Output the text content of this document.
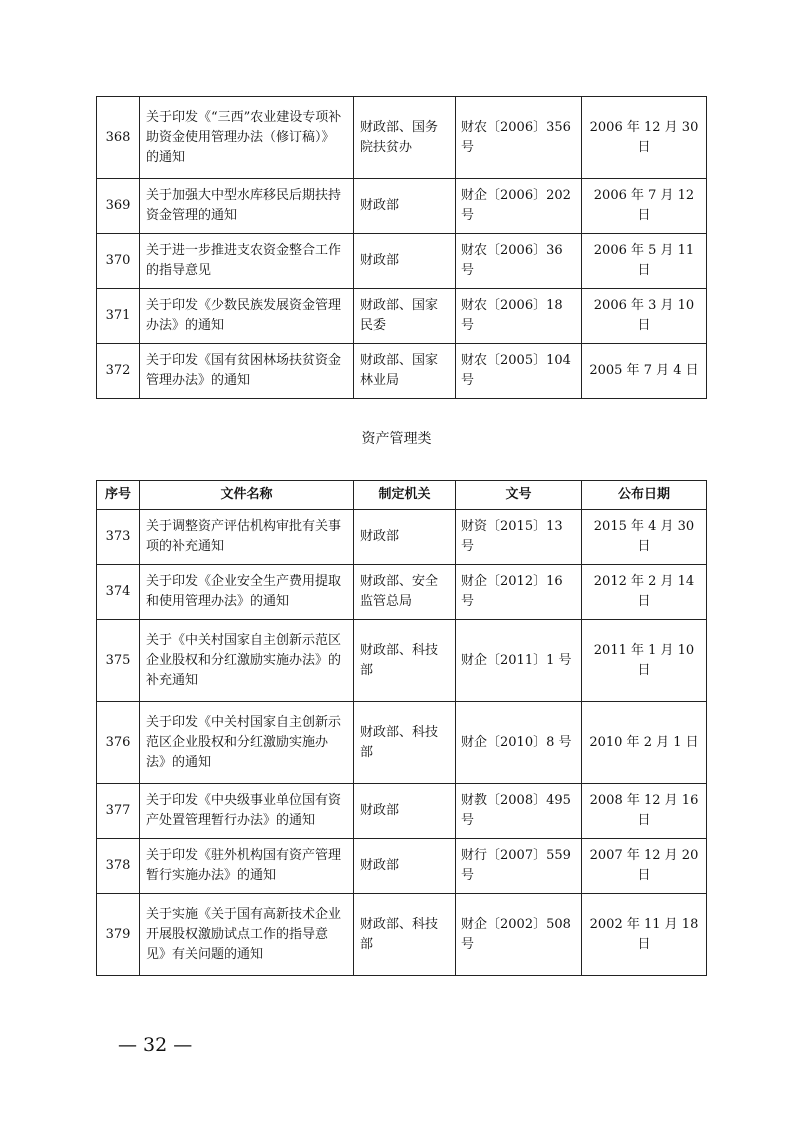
368	关于印发《“三西”农业建设专项补助资金使用管理办法（修订稿）》的通知	财政部、国务院扶贫办	财农〔2006〕356 号	2006 年 12 月 30 日
369	关于加强大中型水库移民后期扶持资金管理的通知	财政部	财企〔2006〕202 号	2006 年 7 月 12 日
370	关于进一步推进支农资金整合工作的指导意见	财政部	财农〔2006〕36 号	2006 年 5 月 11 日
371	关于印发《少数民族发展资金管理办法》的通知	财政部、国家民委	财农〔2006〕18 号	2006 年 3 月 10 日
372	关于印发《国有贫困林场扶贫资金管理办法》的通知	财政部、国家林业局	财农〔2005〕104 号	2005 年 7 月 4 日
资产管理类
序号	文件名称	制定机关	文号	公布日期
373	关于调整资产评估机构审批有关事项的补充通知	财政部	财资〔2015〕13 号	2015 年 4 月 30 日
374	关于印发《企业安全生产费用提取和使用管理办法》的通知	财政部、安全监管总局	财企〔2012〕16 号	2012 年 2 月 14 日
375	关于《中关村国家自主创新示范区企业股权和分红激励实施办法》的补充通知	财政部、科技部	财企〔2011〕1 号	2011 年 1 月 10 日
376	关于印发《中关村国家自主创新示范区企业股权和分红激励实施办法》的通知	财政部、科技部	财企〔2010〕8 号	2010 年 2 月 1 日
377	关于印发《中央级事业单位国有资产处置管理暂行办法》的通知	财政部	财教〔2008〕495 号	2008 年 12 月 16 日
378	关于印发《驻外机构国有资产管理暂行实施办法》的通知	财政部	财行〔2007〕559 号	2007 年 12 月 20 日
379	关于实施《关于国有高新技术企业开展股权激励试点工作的指导意见》有关问题的通知	财政部、科技部	财企〔2002〕508 号	2002 年 11 月 18 日
— 32 —
